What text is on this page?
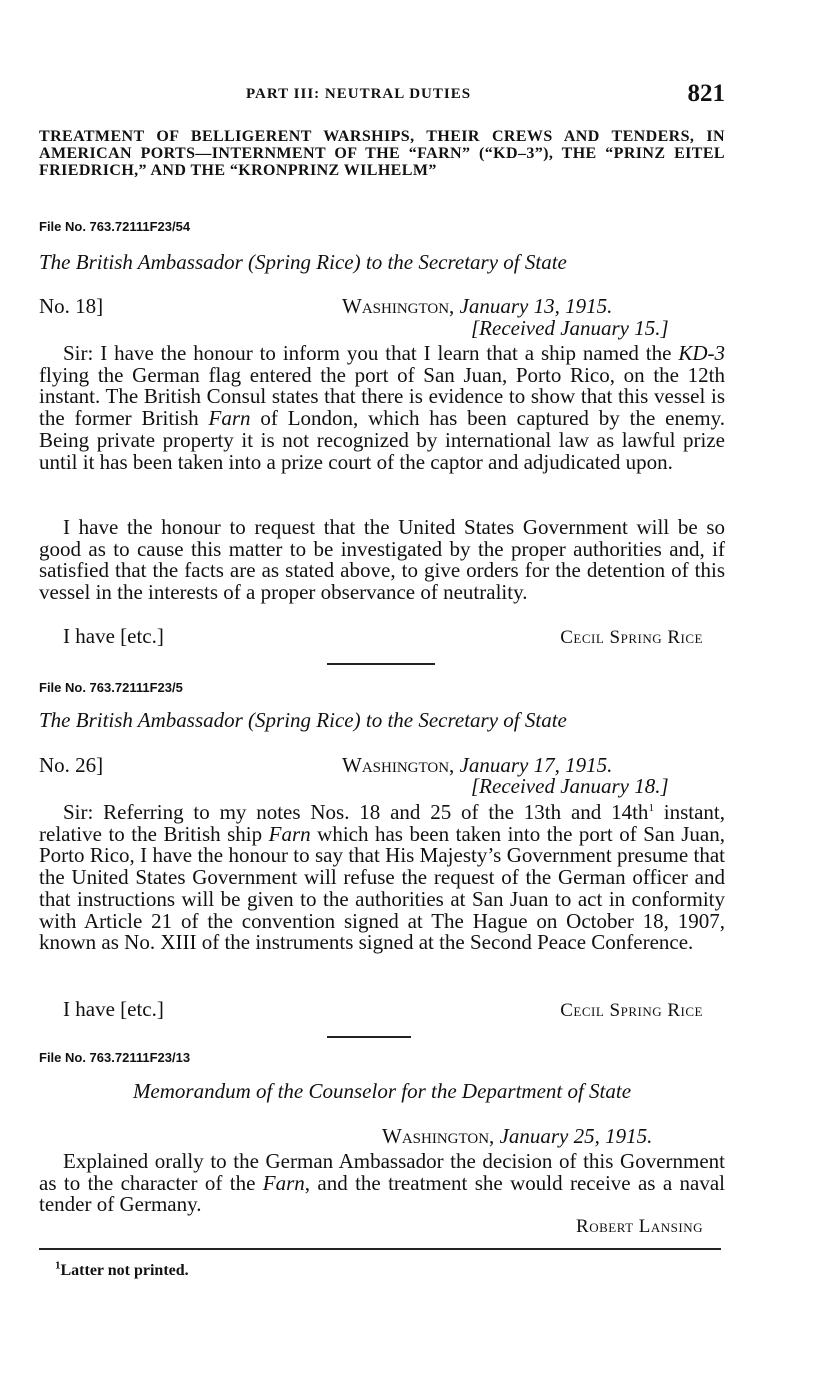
PART III: NEUTRAL DUTIES	821
TREATMENT OF BELLIGERENT WARSHIPS, THEIR CREWS AND TENDERS, IN AMERICAN PORTS—INTERNMENT OF THE “FARN” (“KD–3”), THE “PRINZ EITEL FRIEDRICH,” AND THE “KRONPRINZ WILHELM”
File No. 763.72111F23/54
The British Ambassador (Spring Rice) to the Secretary of State
No. 18]	Washington, January 13, 1915.
[Received January 15.]

Sir: I have the honour to inform you that I learn that a ship named the KD-3 flying the German flag entered the port of San Juan, Porto Rico, on the 12th instant. The British Consul states that there is evidence to show that this vessel is the former British Farn of London, which has been captured by the enemy. Being private property it is not recognized by international law as lawful prize until it has been taken into a prize court of the captor and adjudicated upon.

I have the honour to request that the United States Government will be so good as to cause this matter to be investigated by the proper authorities and, if satisfied that the facts are as stated above, to give orders for the detention of this vessel in the interests of a proper observance of neutrality.

I have [etc.]	Cecil Spring Rice
File No. 763.72111F23/5
The British Ambassador (Spring Rice) to the Secretary of State
No. 26]	Washington, January 17, 1915.
[Received January 18.]

Sir: Referring to my notes Nos. 18 and 25 of the 13th and $14th^1$ instant, relative to the British ship Farn which has been taken into the port of San Juan, Porto Rico, I have the honour to say that His Majesty’s Government presume that the United States Government will refuse the request of the German officer and that instructions will be given to the authorities at San Juan to act in conformity with Article 21 of the convention signed at The Hague on October 18, 1907, known as No. XIII of the instruments signed at the Second Peace Conference.

I have [etc.]	Cecil Spring Rice
File No. 763.72111F23/13
Memorandum of the Counselor for the Department of State
Washington, January 25, 1915.

Explained orally to the German Ambassador the decision of this Government as to the character of the Farn, and the treatment she would receive as a naval tender of Germany.

Robert Lansing
$^1$Latter not printed.
